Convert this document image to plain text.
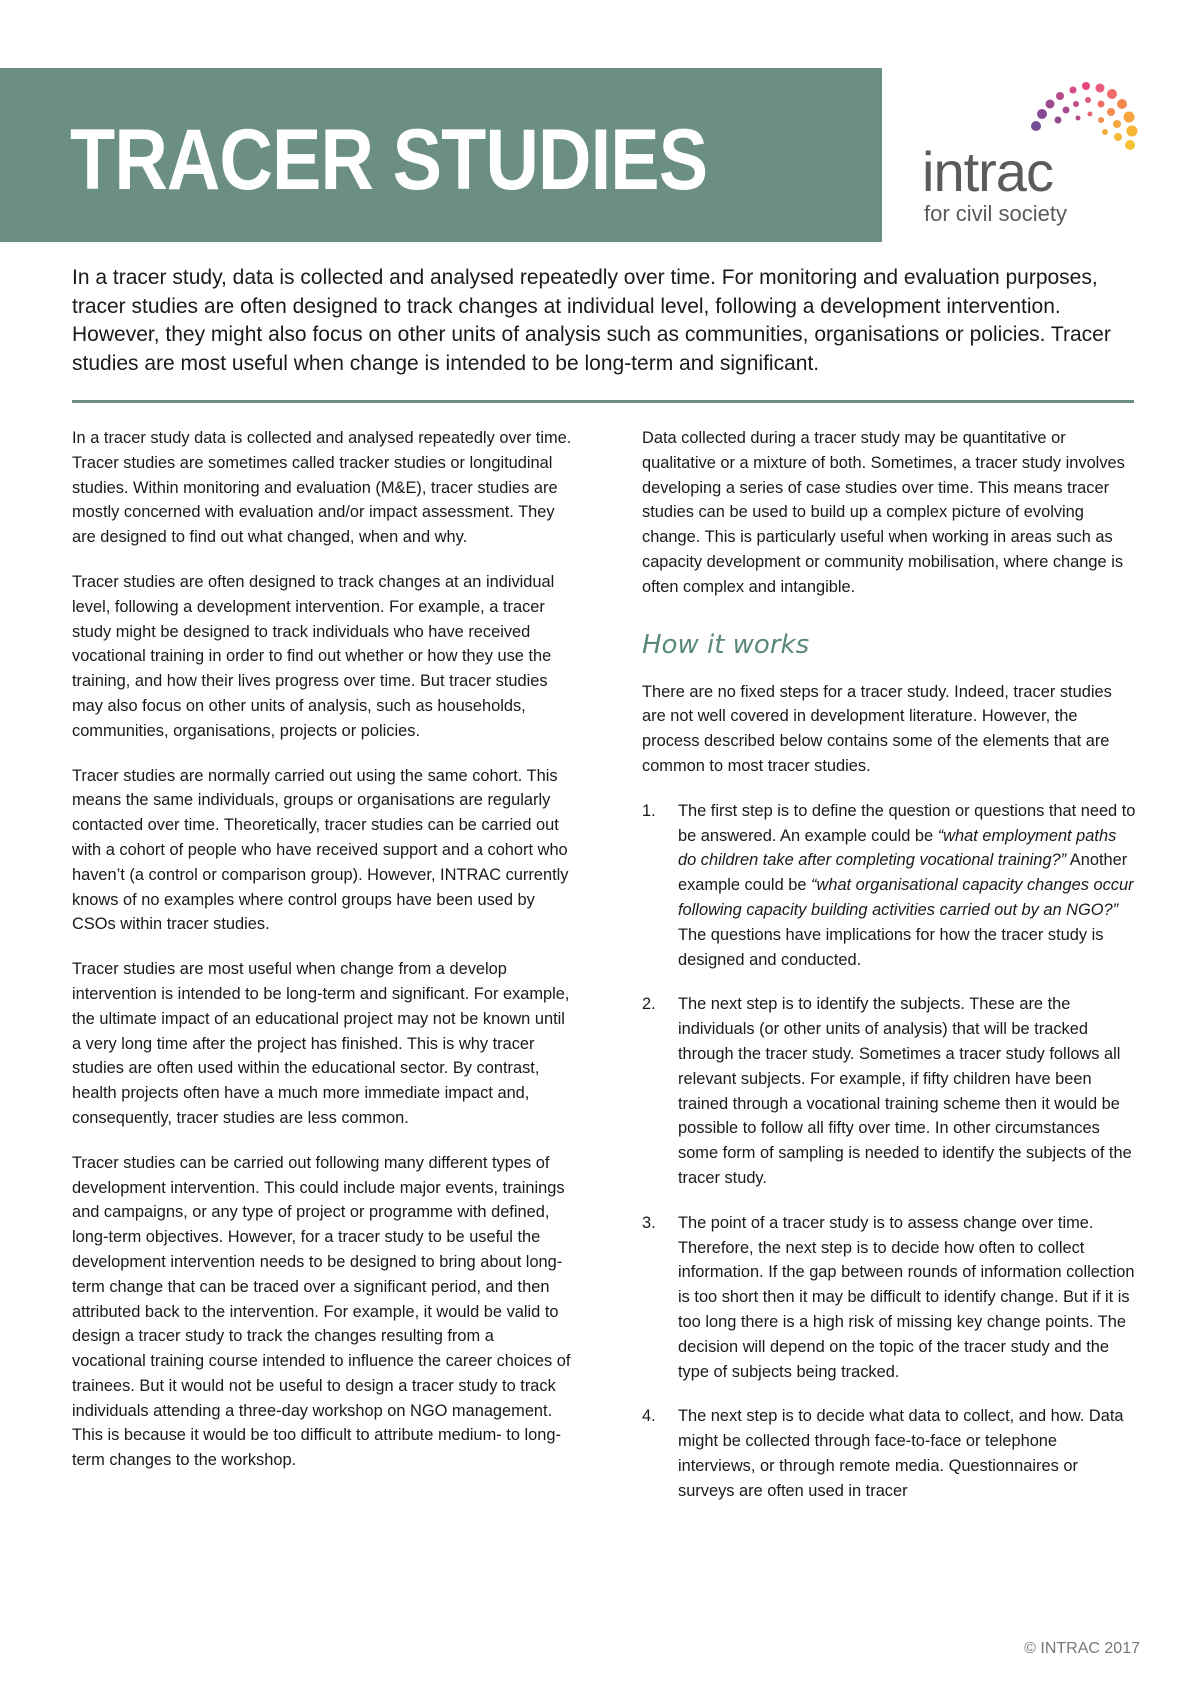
TRACER STUDIES	intrac
for civil society

In a tracer study, data is collected and analysed repeatedly over time. For monitoring and evaluation purposes, tracer studies are often designed to track changes at individual level, following a development intervention. However, they might also focus on other units of analysis such as communities, organisations or policies. Tracer studies are most useful when change is intended to be long-term and significant.

In a tracer study data is collected and analysed repeatedly over time. Tracer studies are sometimes called tracker studies or longitudinal studies. Within monitoring and evaluation (M&E), tracer studies are mostly concerned with evaluation and/or impact assessment. They are designed to find out what changed, when and why.

Tracer studies are often designed to track changes at an individual level, following a development intervention. For example, a tracer study might be designed to track individuals who have received vocational training in order to find out whether or how they use the training, and how their lives progress over time. But tracer studies may also focus on other units of analysis, such as households, communities, organisations, projects or policies.

Tracer studies are normally carried out using the same cohort. This means the same individuals, groups or organisations are regularly contacted over time. Theoretically, tracer studies can be carried out with a cohort of people who have received support and a cohort who haven’t (a control or comparison group). However, INTRAC currently knows of no examples where control groups have been used by CSOs within tracer studies.

Tracer studies are most useful when change from a develop intervention is intended to be long-term and significant. For example, the ultimate impact of an educational project may not be known until a very long time after the project has finished. This is why tracer studies are often used within the educational sector. By contrast, health projects often have a much more immediate impact and, consequently, tracer studies are less common.

Tracer studies can be carried out following many different types of development intervention. This could include major events, trainings and campaigns, or any type of project or programme with defined, long-term objectives. However, for a tracer study to be useful the development intervention needs to be designed to bring about long-term change that can be traced over a significant period, and then attributed back to the intervention. For example, it would be valid to design a tracer study to track the changes resulting from a vocational training course intended to influence the career choices of trainees. But it would not be useful to design a tracer study to track individuals attending a three-day workshop on NGO management. This is because it would be too difficult to attribute medium- to long-term changes to the workshop.

Data collected during a tracer study may be quantitative or qualitative or a mixture of both. Sometimes, a tracer study involves developing a series of case studies over time. This means tracer studies can be used to build up a complex picture of evolving change. This is particularly useful when working in areas such as capacity development or community mobilisation, where change is often complex and intangible.

How it works

There are no fixed steps for a tracer study. Indeed, tracer studies are not well covered in development literature. However, the process described below contains some of the elements that are common to most tracer studies.

1. The first step is to define the question or questions that need to be answered. An example could be “what employment paths do children take after completing vocational training?” Another example could be “what organisational capacity changes occur following capacity building activities carried out by an NGO?” The questions have implications for how the tracer study is designed and conducted.
2. The next step is to identify the subjects. These are the individuals (or other units of analysis) that will be tracked through the tracer study. Sometimes a tracer study follows all relevant subjects. For example, if fifty children have been trained through a vocational training scheme then it would be possible to follow all fifty over time. In other circumstances some form of sampling is needed to identify the subjects of the tracer study.
3. The point of a tracer study is to assess change over time. Therefore, the next step is to decide how often to collect information. If the gap between rounds of information collection is too short then it may be difficult to identify change. But if it is too long there is a high risk of missing key change points. The decision will depend on the topic of the tracer study and the type of subjects being tracked.
4. The next step is to decide what data to collect, and how. Data might be collected through face-to-face or telephone interviews, or through remote media. Questionnaires or surveys are often used in tracer
© INTRAC 2017
